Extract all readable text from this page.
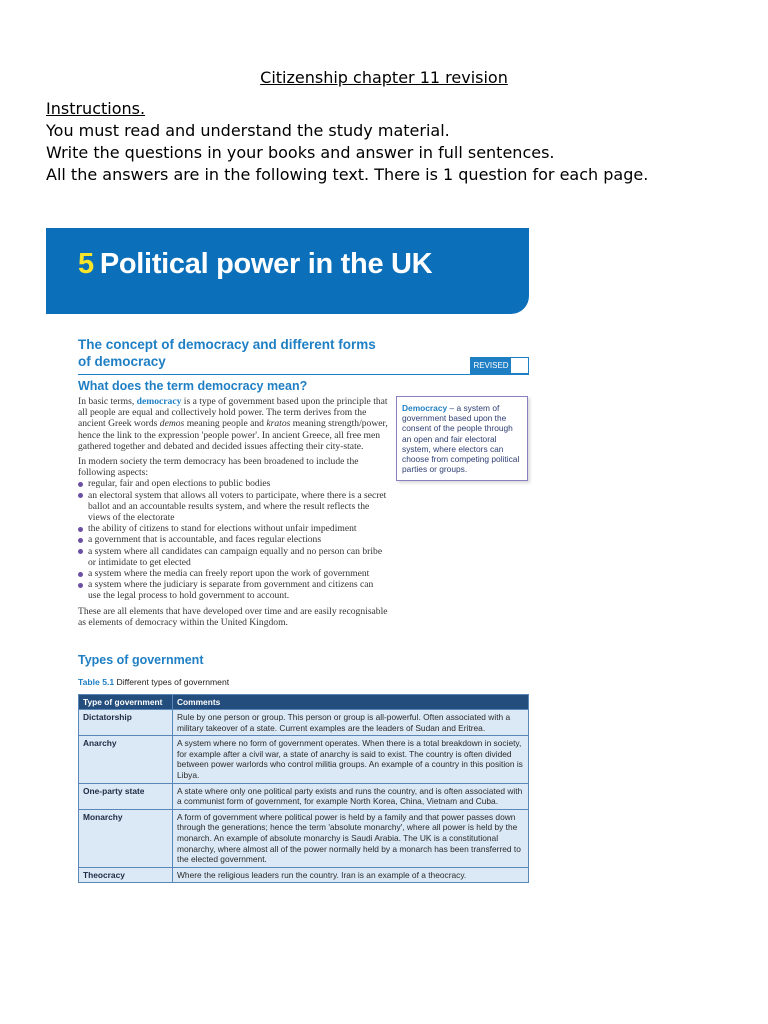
Citizenship chapter 11 revision

Instructions.

You must read and understand the study material.

Write the questions in your books and answer in full sentences.

All the answers are in the following text. There is 1 question for each page.

5 Political power in the UK
The concept of democracy and different forms of democracy	REVISED
What does the term democracy mean?

In basic terms, democracy is a type of government based upon the principle that all people are equal and collectively hold power. The term derives from the ancient Greek words demos meaning people and kratos meaning strength/power, hence the link to the expression 'people power'. In ancient Greece, all free men gathered together and debated and decided issues affecting their city-state.

In modern society the term democracy has been broadened to include the following aspects:

regular, fair and open elections to public bodies
an electoral system that allows all voters to participate, where there is a secret ballot and an accountable results system, and where the result reflects the views of the electorate
the ability of citizens to stand for elections without unfair impediment
a government that is accountable, and faces regular elections
a system where all candidates can campaign equally and no person can bribe or intimidate to get elected
a system where the media can freely report upon the work of government
a system where the judiciary is separate from government and citizens can use the legal process to hold government to account.

These are all elements that have developed over time and are easily recognisable as elements of democracy within the United Kingdom.

Democracy – a system of government based upon the consent of the people through an open and fair electoral system, where electors can choose from competing political parties or groups.
Types of government
Table 5.1 Different types of government
Type of government	Comments
Dictatorship	Rule by one person or group. This person or group is all-powerful. Often associated with a military takeover of a state. Current examples are the leaders of Sudan and Eritrea.
Anarchy	A system where no form of government operates. When there is a total breakdown in society, for example after a civil war, a state of anarchy is said to exist. The country is often divided between power warlords who control militia groups. An example of a country in this position is Libya.
One-party state	A state where only one political party exists and runs the country, and is often associated with a communist form of government, for example North Korea, China, Vietnam and Cuba.
Monarchy	A form of government where political power is held by a family and that power passes down through the generations; hence the term 'absolute monarchy', where all power is held by the monarch. An example of absolute monarchy is Saudi Arabia. The UK is a constitutional monarchy, where almost all of the power normally held by a monarch has been transferred to the elected government.
Theocracy	Where the religious leaders run the country. Iran is an example of a theocracy.
